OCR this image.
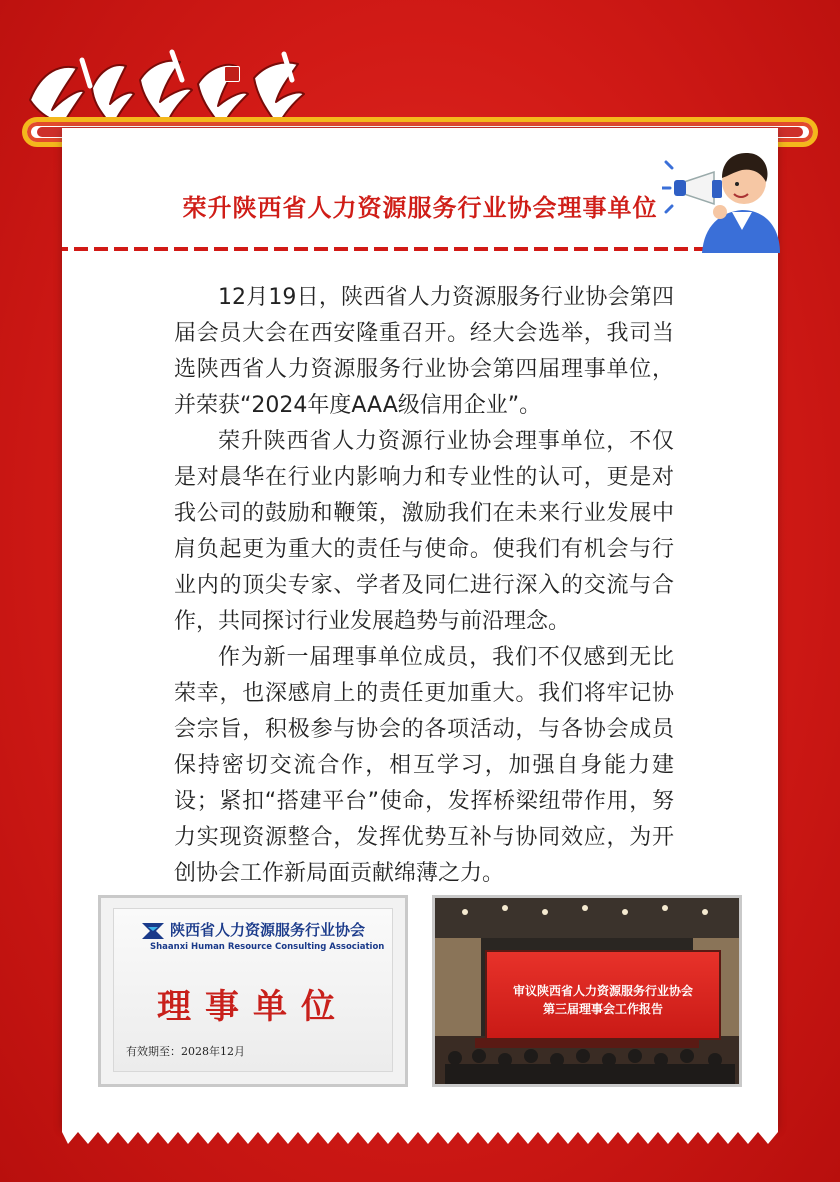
荣升陕西省人力资源服务行业协会理事单位

12月19日，陕西省人力资源服务行业协会第四届会员大会在西安隆重召开。经大会选举，我司当选陕西省人力资源服务行业协会第四届理事单位，并荣获“2024年度AAA级信用企业”。

荣升陕西省人力资源行业协会理事单位，不仅是对晨华在行业内影响力和专业性的认可，更是对我公司的鼓励和鞭策，激励我们在未来行业发展中肩负起更为重大的责任与使命。使我们有机会与行业内的顶尖专家、学者及同仁进行深入的交流与合作，共同探讨行业发展趋势与前沿理念。

作为新一届理事单位成员，我们不仅感到无比荣幸，也深感肩上的责任更加重大。我们将牢记协会宗旨，积极参与协会的各项活动，与各协会成员保持密切交流合作，相互学习，加强自身能力建设；紧扣“搭建平台”使命，发挥桥梁纽带作用，努力实现资源整合，发挥优势互补与协同效应，为开创协会工作新局面贡献绵薄之力。

陕西省人力资源服务行业协会
Shaanxi Human Resource Consulting Association
理事单位
有效期至：2028年12月
审议陕西省人力资源服务行业协会
第三届理事会工作报告
